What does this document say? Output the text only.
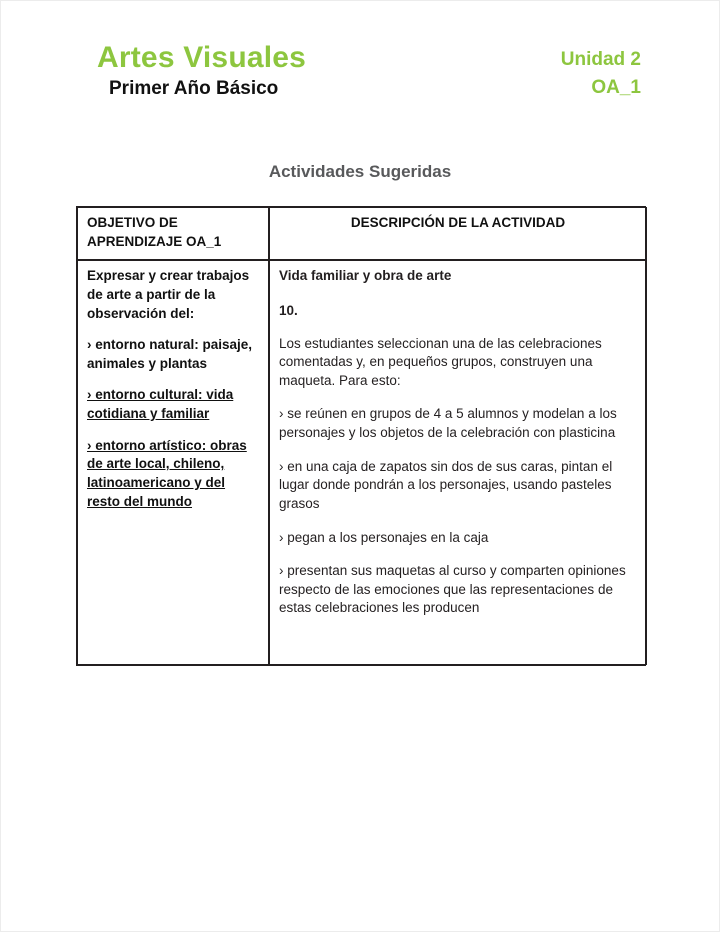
Artes Visuales
Primer Año Básico
Unidad 2
OA_1
Actividades Sugeridas
OBJETIVO DE APRENDIZAJE OA_1
DESCRIPCIÓN DE LA ACTIVIDAD

Expresar y crear trabajos de arte a partir de la observación del:

› entorno natural: paisaje, animales y plantas

› entorno cultural: vida cotidiana y familiar

› entorno artístico: obras de arte local, chileno, latinoamericano y del resto del mundo

Vida familiar y obra de arte

10.

Los estudiantes seleccionan una de las celebraciones comentadas y, en pequeños grupos, construyen una maqueta. Para esto:

› se reúnen en grupos de 4 a 5 alumnos y modelan a los personajes y los objetos de la celebración con plasticina

› en una caja de zapatos sin dos de sus caras, pintan el lugar donde pondrán a los personajes, usando pasteles grasos

› pegan a los personajes en la caja

› presentan sus maquetas al curso y comparten opiniones respecto de las emociones que las representaciones de estas celebraciones les producen
